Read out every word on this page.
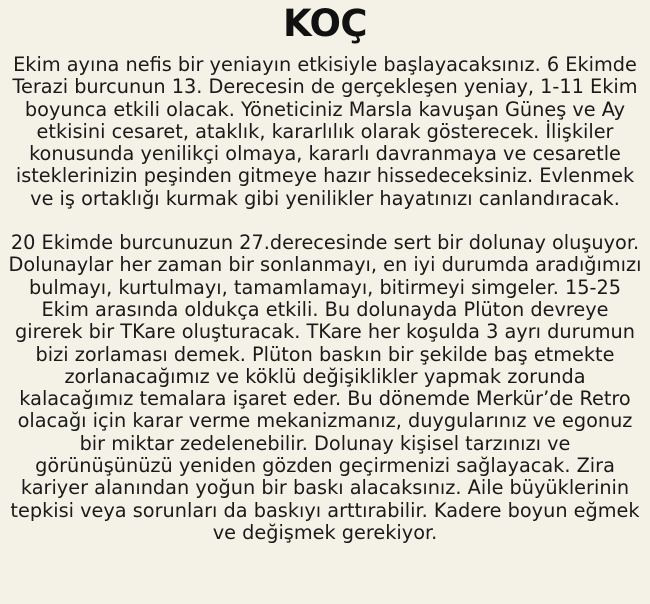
KOÇ

Ekim ayına nefis bir yeniayın etkisiyle başlayacaksınız. 6 Ekimde Terazi burcunun 13. Derecesin de gerçekleşen yeniay, 1-11 Ekim boyunca etkili olacak. Yöneticiniz Marsla kavuşan Güneş ve Ay etkisini cesaret, ataklık, kararlılık olarak gösterecek. İlişkiler konusunda yenilikçi olmaya, kararlı davranmaya ve cesaretle isteklerinizin peşinden gitmeye hazır hissedeceksiniz. Evlenmek ve iş ortaklığı kurmak gibi yenilikler hayatınızı canlandıracak.

20 Ekimde burcunuzun 27.derecesinde sert bir dolunay oluşuyor. Dolunaylar her zaman bir sonlanmayı, en iyi durumda aradığımızı bulmayı, kurtulmayı, tamamlamayı, bitirmeyi simgeler. 15-25 Ekim arasında oldukça etkili. Bu dolunayda Plüton devreye girerek bir TKare oluşturacak. TKare her koşulda 3 ayrı durumun bizi zorlaması demek. Plüton baskın bir şekilde baş etmekte zorlanacağımız ve köklü değişiklikler yapmak zorunda kalacağımız temalara işaret eder. Bu dönemde Merkür’de Retro olacağı için karar verme mekanizmanız, duygularınız ve egonuz bir miktar zedelenebilir. Dolunay kişisel tarzınızı ve görünüşünüzü yeniden gözden geçirmenizi sağlayacak. Zira kariyer alanından yoğun bir baskı alacaksınız. Aile büyüklerinin tepkisi veya sorunları da baskıyı arttırabilir. Kadere boyun eğmek ve değişmek gerekiyor.
